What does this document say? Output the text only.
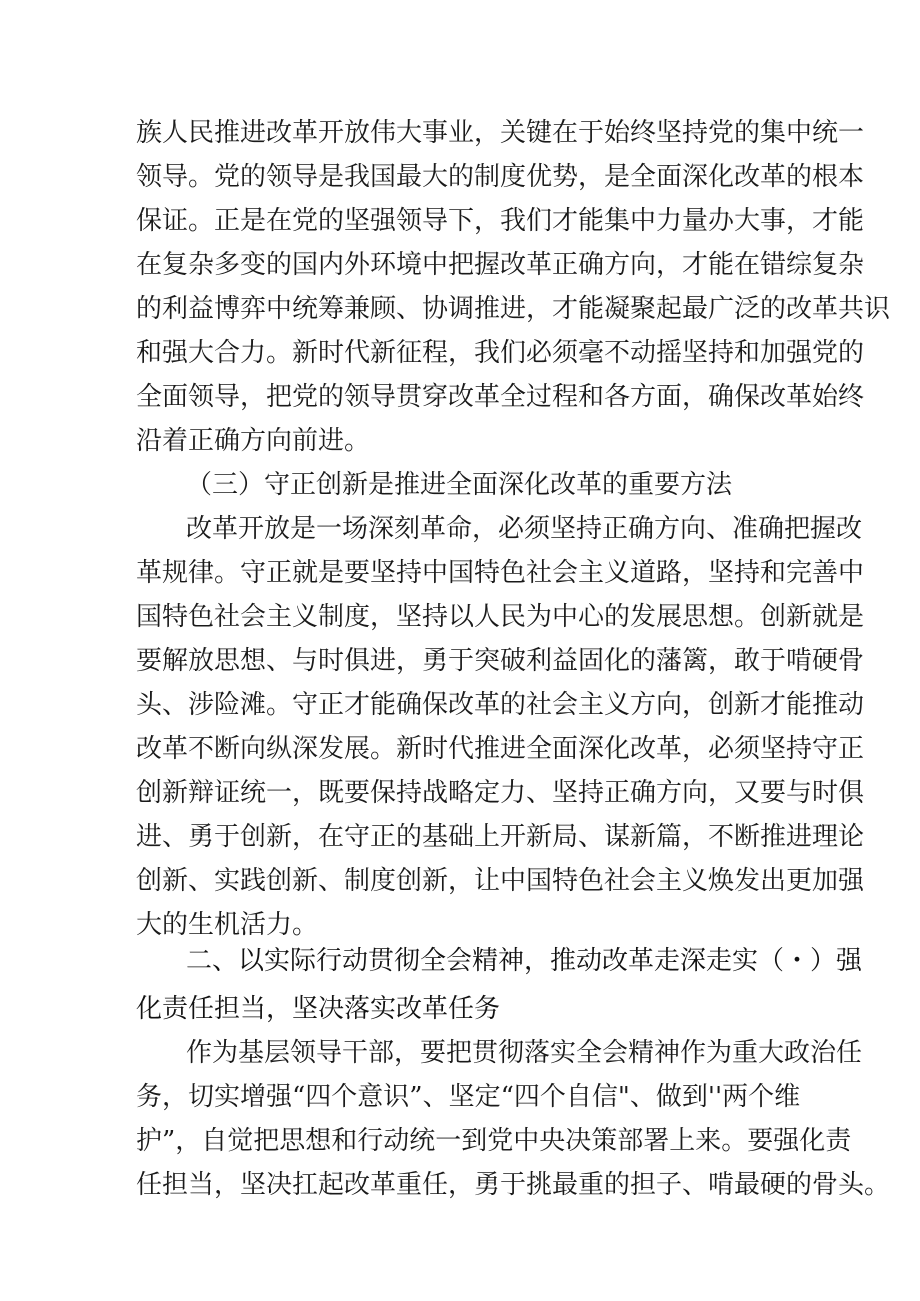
族人民推进改革开放伟大事业，关键在于始终坚持党的集中统一

领导。党的领导是我国最大的制度优势，是全面深化改革的根本

保证。正是在党的坚强领导下，我们才能集中力量办大事，才能

在复杂多变的国内外环境中把握改革正确方向，才能在错综复杂

的利益博弈中统筹兼顾、协调推进，才能凝聚起最广泛的改革共识

和强大合力。新时代新征程，我们必须毫不动摇坚持和加强党的

全面领导，把党的领导贯穿改革全过程和各方面，确保改革始终

沿着正确方向前进。

（三）守正创新是推进全面深化改革的重要方法

改革开放是一场深刻革命，必须坚持正确方向、准确把握改

革规律。守正就是要坚持中国特色社会主义道路，坚持和完善中

国特色社会主义制度，坚持以人民为中心的发展思想。创新就是

要解放思想、与时俱进，勇于突破利益固化的藩篱，敢于啃硬骨

头、涉险滩。守正才能确保改革的社会主义方向，创新才能推动

改革不断向纵深发展。新时代推进全面深化改革，必须坚持守正

创新辩证统一，既要保持战略定力、坚持正确方向，又要与时俱

进、勇于创新，在守正的基础上开新局、谋新篇，不断推进理论

创新、实践创新、制度创新，让中国特色社会主义焕发出更加强

大的生机活力。

二、以实际行动贯彻全会精神，推动改革走深走实（・）强

化责任担当，坚决落实改革任务

作为基层领导干部，要把贯彻落实全会精神作为重大政治任

务，切实增强“四个意识”、坚定“四个自信"、做到''两个维

护”，自觉把思想和行动统一到党中央决策部署上来。要强化责

任担当，坚决扛起改革重任，勇于挑最重的担子、啃最硬的骨头。
